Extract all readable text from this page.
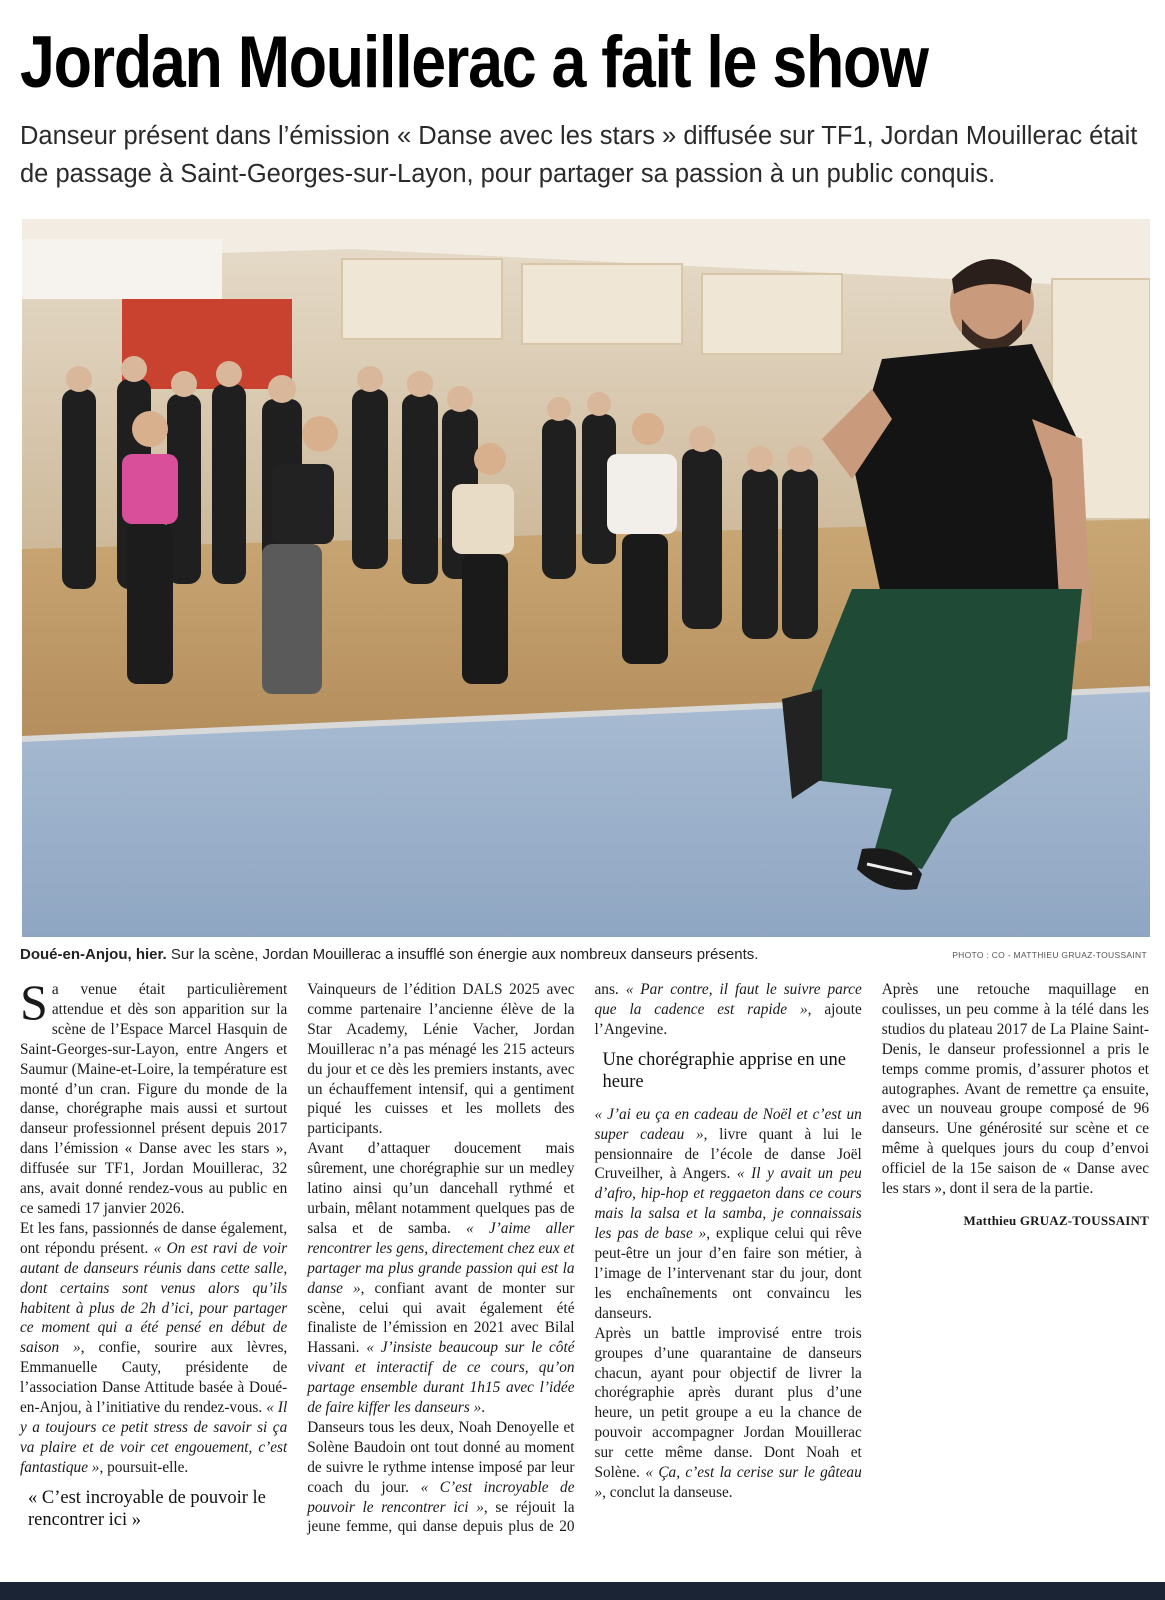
Jordan Mouillerac a fait le show
Danseur présent dans l’émission « Danse avec les stars » diffusée sur TF1, Jordan Mouillerac était de passage à Saint-Georges-sur-Layon, pour partager sa passion à un public conquis.
Doué-en-Anjou, hier. Sur la scène, Jordan Mouillerac a insufflé son énergie aux nombreux danseurs présents.	PHOTO : CO - MATTHIEU GRUAZ-TOUSSAINT

Sa venue était particulièrement attendue et dès son apparition sur la scène de l’Espace Marcel Hasquin de Saint-Georges-sur-Layon, entre Angers et Saumur (Maine-et-Loire, la température est monté d’un cran. Figure du monde de la danse, chorégraphe mais aussi et surtout danseur professionnel présent depuis 2017 dans l’émission « Danse avec les stars », diffusée sur TF1, Jordan Mouillerac, 32 ans, avait donné rendez-vous au public en ce samedi 17 janvier 2026.

Et les fans, passionnés de danse également, ont répondu présent. « On est ravi de voir autant de danseurs réunis dans cette salle, dont certains sont venus alors qu’ils habitent à plus de 2h d’ici, pour partager ce moment qui a été pensé en début de saison », confie, sourire aux lèvres, Emmanuelle Cauty, présidente de l’association Danse Attitude basée à Doué-en-Anjou, à l’initiative du rendez-vous. « Il y a toujours ce petit stress de savoir si ça va plaire et de voir cet engouement, c’est fantastique », poursuit-elle.

« C’est incroyable de pouvoir le rencontrer ici »

Vainqueurs de l’édition DALS 2025 avec comme partenaire l’ancienne élève de la Star Academy, Lénie Vacher, Jordan Mouillerac n’a pas ménagé les 215 acteurs du jour et ce dès les premiers instants, avec un échauffement intensif, qui a gentiment piqué les cuisses et les mollets des participants.

Avant d’attaquer doucement mais sûrement, une chorégraphie sur un medley latino ainsi qu’un dancehall rythmé et urbain, mêlant notamment quelques pas de salsa et de samba. « J’aime aller rencontrer les gens, directement chez eux et partager ma plus grande passion qui est la danse », confiant avant de monter sur scène, celui qui avait également été finaliste de l’émission en 2021 avec Bilal Hassani. « J’insiste beaucoup sur le côté vivant et interactif de ce cours, qu’on partage ensemble durant 1h15 avec l’idée de faire kiffer les danseurs ».

Danseurs tous les deux, Noah Denoyelle et Solène Baudoin ont tout donné au moment de suivre le rythme intense imposé par leur coach du jour. « C’est incroyable de pouvoir le rencontrer ici », se réjouit la jeune femme, qui danse depuis plus de 20 ans. « Par contre, il faut le suivre parce que la cadence est rapide », ajoute l’Angevine.

Une chorégraphie apprise en une heure

« J’ai eu ça en cadeau de Noël et c’est un super cadeau », livre quant à lui le pensionnaire de l’école de danse Joël Cruveilher, à Angers. « Il y avait un peu d’afro, hip-hop et reggaeton dans ce cours mais la salsa et la samba, je connaissais les pas de base », explique celui qui rêve peut-être un jour d’en faire son métier, à l’image de l’intervenant star du jour, dont les enchaînements ont convaincu les danseurs.

Après un battle improvisé entre trois groupes d’une quarantaine de danseurs chacun, ayant pour objectif de livrer la chorégraphie après durant plus d’une heure, un petit groupe a eu la chance de pouvoir accompagner Jordan Mouillerac sur cette même danse. Dont Noah et Solène. « Ça, c’est la cerise sur le gâteau », conclut la danseuse.

Après une retouche maquillage en coulisses, un peu comme à la télé dans les studios du plateau 2017 de La Plaine Saint-Denis, le danseur professionnel a pris le temps comme promis, d’assurer photos et autographes. Avant de remettre ça ensuite, avec un nouveau groupe composé de 96 danseurs. Une générosité sur scène et ce même à quelques jours du coup d’envoi officiel de la 15e saison de « Danse avec les stars », dont il sera de la partie.

Matthieu GRUAZ-TOUSSAINT
